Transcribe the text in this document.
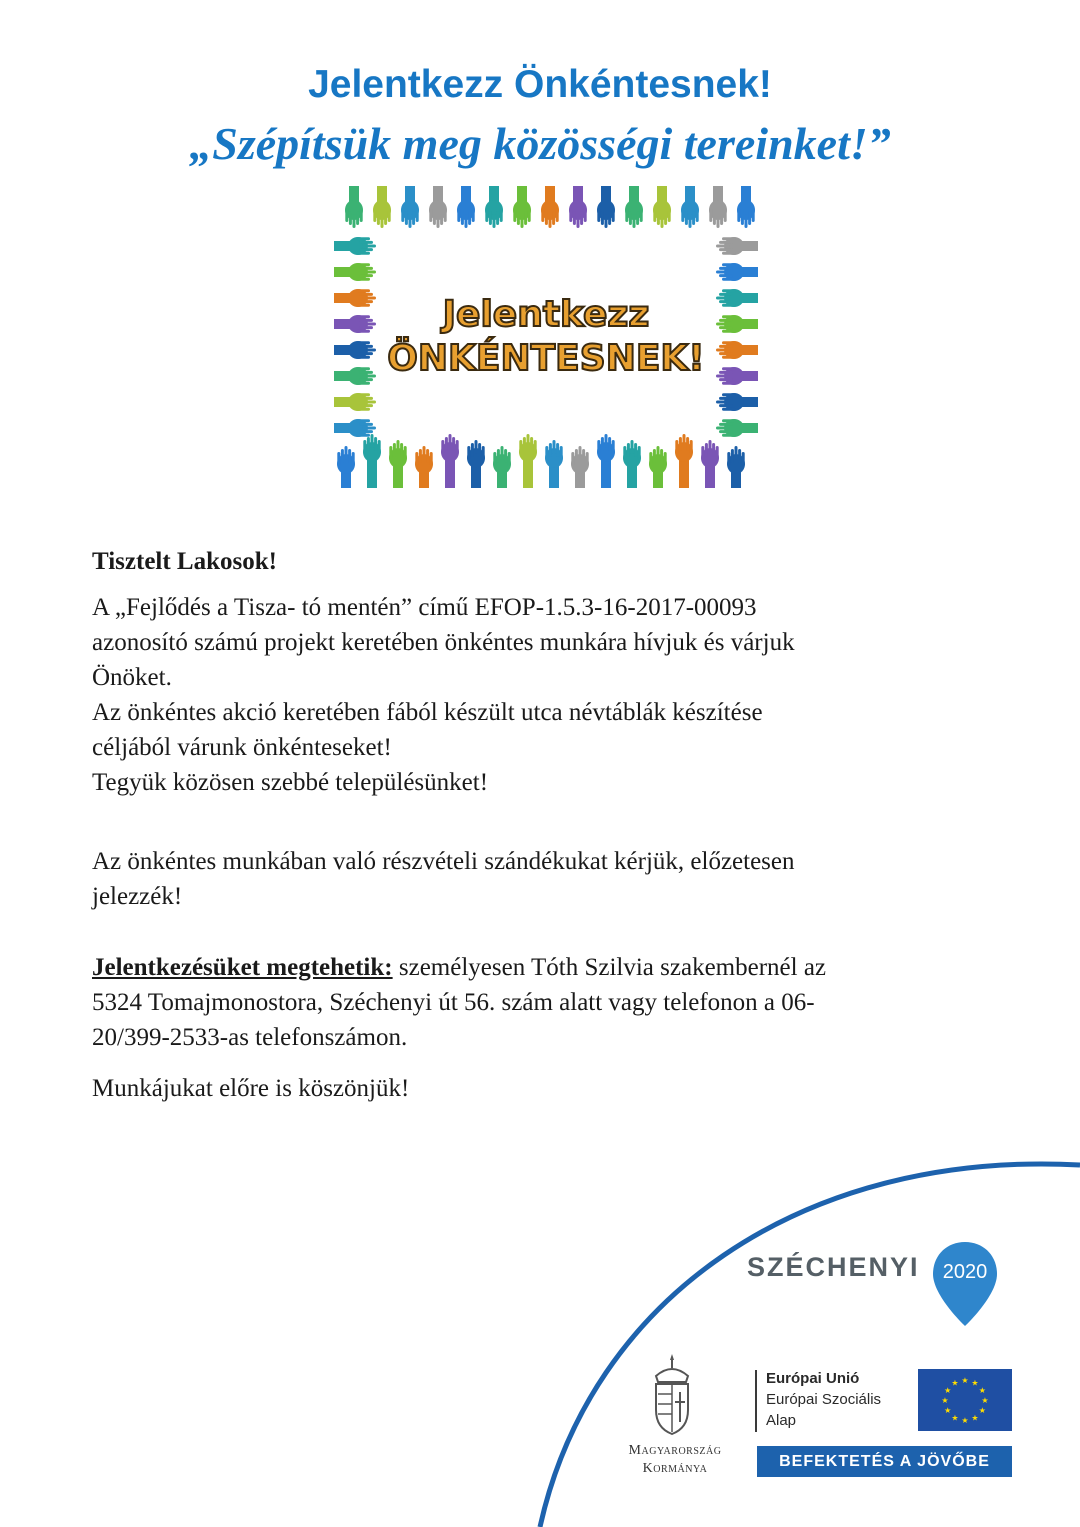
Jelentkezz Önkéntesnek!
„Szépítsük meg közösségi tereinket!”
Jelentkezz
ÖNKÉNTESNEK!
Tisztelt Lakosok!
A „Fejlődés a Tisza- tó mentén” című EFOP-1.5.3-16-2017-00093
azonosító számú projekt keretében önkéntes munkára hívjuk és várjuk
Önöket.
Az önkéntes akció keretében fából készült utca névtáblák készítése
céljából várunk önkénteseket!
Tegyük közösen szebbé településünket!
Az önkéntes munkában való részvételi szándékukat kérjük, előzetesen
jelezzék!
Jelentkezésüket megtehetik: személyesen Tóth Szilvia szakembernél az
5324 Tomajmonostora, Széchenyi út 56. szám alatt vagy telefonon a 06-
20/399-2533-as telefonszámon.
Munkájukat előre is köszönjük!
SZÉCHENYI	2020
Magyarország
Kormánya
Európai Unió
Európai Szociális
Alap
★
★
★
★
★
★
★
★
★ ★ ★
★
BEFEKTETÉS A JÖVŐBE
